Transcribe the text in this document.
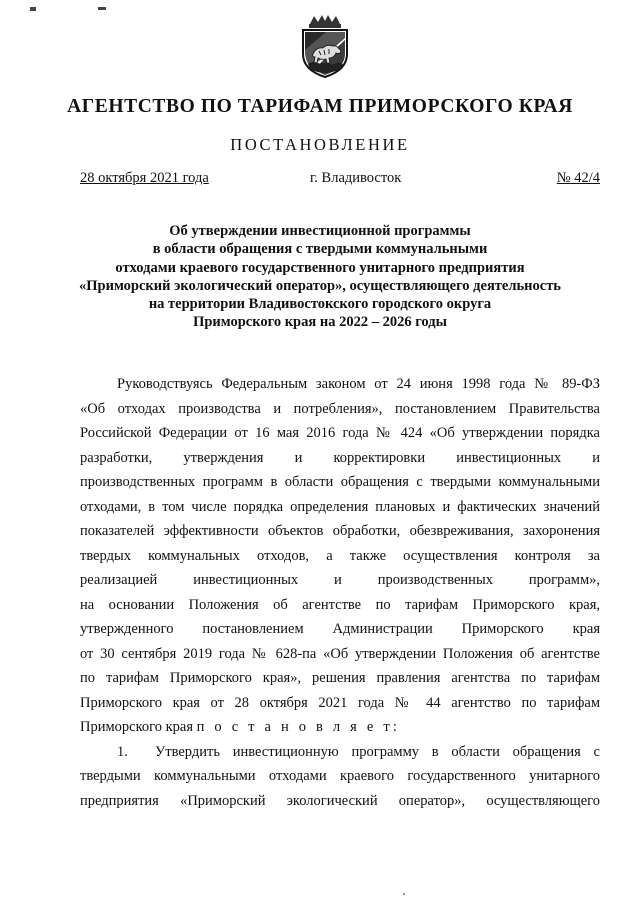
АГЕНТСТВО ПО ТАРИФАМ ПРИМОРСКОГО КРАЯ
ПОСТАНОВЛЕНИЕ
28 октября 2021 года	г. Владивосток	№ 42/4
Об утверждении инвестиционной программы
в области обращения с твердыми коммунальными
отходами краевого государственного унитарного предприятия
«Приморский экологический оператор», осуществляющего деятельность
на территории Владивостокского городского округа
Приморского края на 2022 – 2026 годы
Руководствуясь Федеральным законом от 24 июня 1998 года № 89-ФЗ
«Об отходах производства и потребления», постановлением Правительства
Российской Федерации от 16 мая 2016 года № 424 «Об утверждении порядка
разработки, утверждения и корректировки инвестиционных и
производственных программ в области обращения с твердыми коммунальными
отходами, в том числе порядка определения плановых и фактических значений
показателей эффективности объектов обработки, обезвреживания, захоронения
твердых коммунальных отходов, а также осуществления контроля за
реализацией инвестиционных и производственных программ»,
на основании Положения об агентстве по тарифам Приморского края,
утвержденного постановлением Администрации Приморского края
от 30 сентября 2019 года № 628-па «Об утверждении Положения об агентстве
по тарифам Приморского края», решения правления агентства по тарифам
Приморского края от 28 октября 2021 года № 44 агентство по тарифам
Приморского края п о с т а н о в л я е т:
1. Утвердить инвестиционную программу в области обращения с
твердыми коммунальными отходами краевого государственного унитарного
предприятия «Приморский экологический оператор», осуществляющего
